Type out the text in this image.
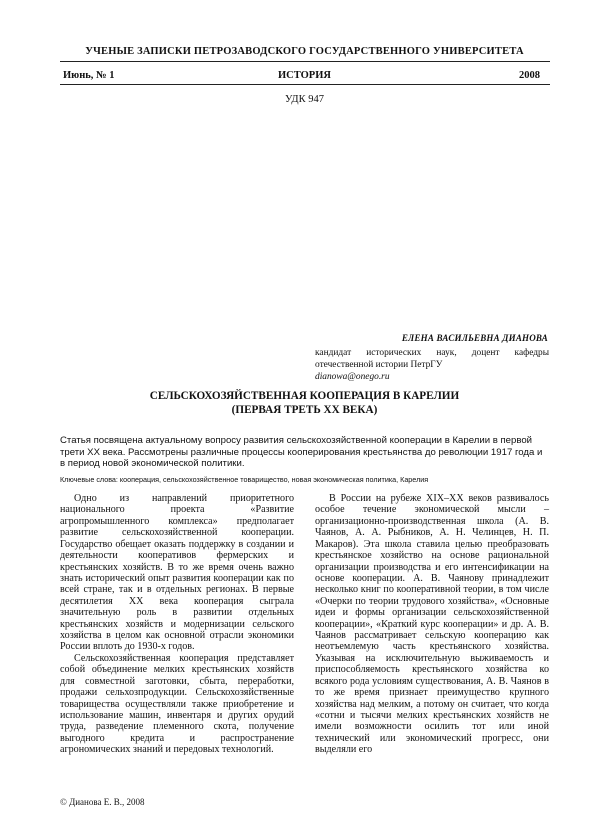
УЧЕНЫЕ ЗАПИСКИ ПЕТРОЗАВОДСКОГО ГОСУДАРСТВЕННОГО УНИВЕРСИТЕТА
Июнь, № 1	ИСТОРИЯ	2008
УДК 947
ЕЛЕНА ВАСИЛЬЕВНА ДИАНОВА
кандидат исторических наук, доцент кафедры отечественной истории ПетрГУ
dianowa@onego.ru
СЕЛЬСКОХОЗЯЙСТВЕННАЯ КООПЕРАЦИЯ В КАРЕЛИИ
(ПЕРВАЯ ТРЕТЬ XX ВЕКА)
Статья посвящена актуальному вопросу развития сельскохозяйственной кооперации в Карелии в первой трети XX века. Рассмотрены различные процессы кооперирования крестьянства до революции 1917 года и в период новой экономической политики.
Ключевые слова: кооперация, сельскохозяйственное товарищество, новая экономическая политика, Карелия

Одно из направлений приоритетного национального проекта «Развитие агропромышленного комплекса» предполагает развитие сельскохозяйственной кооперации. Государство обещает оказать поддержку в создании и деятельности кооперативов фермерских и крестьянских хозяйств. В то же время очень важно знать исторический опыт развития кооперации как по всей стране, так и в отдельных регионах. В первые десятилетия XX века кооперация сыграла значительную роль в развитии отдельных крестьянских хозяйств и модернизации сельского хозяйства в целом как основной отрасли экономики России вплоть до 1930-х годов.

Сельскохозяйственная кооперация представляет собой объединение мелких крестьянских хозяйств для совместной заготовки, сбыта, переработки, продажи сельхозпродукции. Сельскохозяйственные товарищества осуществляли также приобретение и использование машин, инвентаря и других орудий труда, разведение племенного скота, получение выгодного кредита и распространение агрономических знаний и передовых технологий.

В России на рубеже XIX–XX веков развивалось особое течение экономической мысли – организационно-производственная школа (А. В. Чаянов, А. А. Рыбников, А. Н. Челинцев, Н. П. Макаров). Эта школа ставила целью преобразовать крестьянское хозяйство на основе рациональной организации производства и его интенсификации на основе кооперации. А. В. Чаянову принадлежит несколько книг по кооперативной теории, в том числе «Очерки по теории трудового хозяйства», «Основные идеи и формы организации сельскохозяйственной кооперации», «Краткий курс кооперации» и др. А. В. Чаянов рассматривает сельскую кооперацию как неотъемлемую часть крестьянского хозяйства. Указывая на исключительную выживаемость и приспособляемость крестьянского хозяйства ко всякого рода условиям существования, А. В. Чаянов в то же время признает преимущество крупного хозяйства над мелким, а потому он считает, что когда «сотни и тысячи мелких крестьянских хозяйств не имели возможности осилить тот или иной технический или экономический прогресс, они выделяли его

© Дианова Е. В., 2008
